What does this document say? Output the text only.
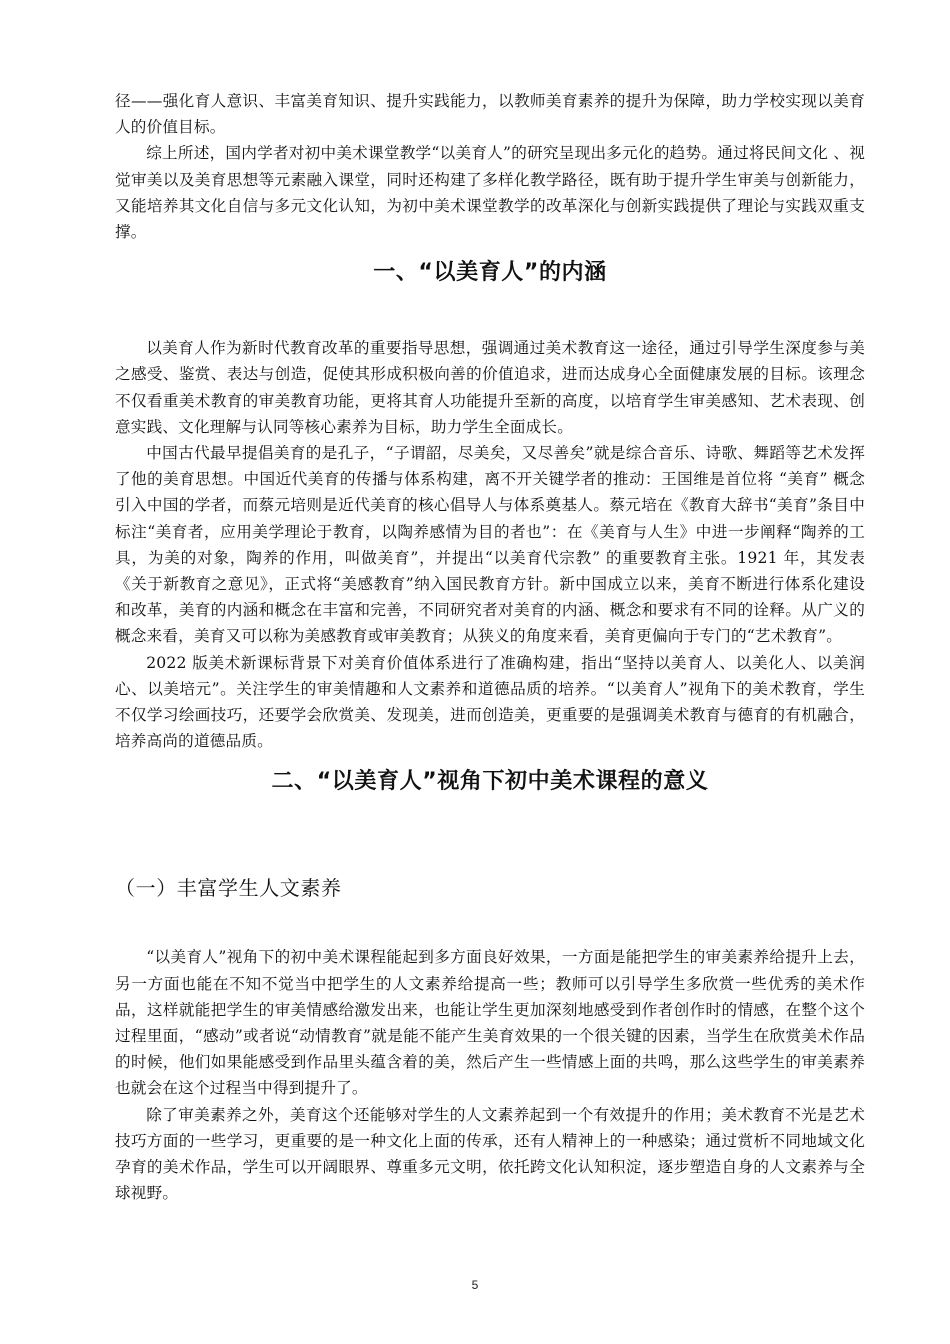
径——强化育人意识、丰富美育知识、提升实践能力，以教师美育素养的提升为保障，助力学校实现以美育人的价值目标。

综上所述，国内学者对初中美术课堂教学“以美育人”的研究呈现出多元化的趋势。通过将民间文化 、视觉审美以及美育思想等元素融入课堂，同时还构建了多样化教学路径，既有助于提升学生审美与创新能力，又能培养其文化自信与多元文化认知，为初中美术课堂教学的改革深化与创新实践提供了理论与实践双重支撑。

一、“以美育人”的内涵

以美育人作为新时代教育改革的重要指导思想，强调通过美术教育这一途径，通过引导学生深度参与美之感受、鉴赏、表达与创造，促使其形成积极向善的价值追求，进而达成身心全面健康发展的目标。该理念不仅看重美术教育的审美教育功能，更将其育人功能提升至新的高度，以培育学生审美感知、艺术表现、创意实践、文化理解与认同等核心素养为目标，助力学生全面成长。

中国古代最早提倡美育的是孔子，“子谓韶，尽美矣，又尽善矣”就是综合音乐、诗歌、舞蹈等艺术发挥了他的美育思想。中国近代美育的传播与体系构建，离不开关键学者的推动：王国维是首位将 “美育” 概念引入中国的学者，而蔡元培则是近代美育的核心倡导人与体系奠基人。蔡元培在《教育大辞书“美育”条目中标注“美育者，应用美学理论于教育，以陶养感情为目的者也”：在《美育与人生》中进一步阐释“陶养的工具，为美的对象，陶养的作用，叫做美育”，并提出“以美育代宗教” 的重要教育主张。1921 年，其发表《关于新教育之意见》，正式将“美感教育”纳入国民教育方针。新中国成立以来，美育不断进行体系化建设和改革，美育的内涵和概念在丰富和完善，不同研究者对美育的内涵、概念和要求有不同的诠释。从广义的概念来看，美育又可以称为美感教育或审美教育；从狭义的角度来看，美育更偏向于专门的“艺术教育”。

2022 版美术新课标背景下对美育价值体系进行了准确构建，指出“坚持以美育人、以美化人、以美润心、以美培元”。关注学生的审美情趣和人文素养和道德品质的培养。“以美育人”视角下的美术教育，学生不仅学习绘画技巧，还要学会欣赏美、发现美，进而创造美，更重要的是强调美术教育与德育的有机融合，培养高尚的道德品质。

二、“以美育人”视角下初中美术课程的意义
（一）丰富学生人文素养

“以美育人”视角下的初中美术课程能起到多方面良好效果，一方面是能把学生的审美素养给提升上去，另一方面也能在不知不觉当中把学生的人文素养给提高一些；教师可以引导学生多欣赏一些优秀的美术作品，这样就能把学生的审美情感给激发出来，也能让学生更加深刻地感受到作者创作时的情感，在整个这个过程里面，“感动”或者说“动情教育”就是能不能产生美育效果的一个很关键的因素，当学生在欣赏美术作品的时候，他们如果能感受到作品里头蕴含着的美，然后产生一些情感上面的共鸣，那么这些学生的审美素养也就会在这个过程当中得到提升了。

除了审美素养之外，美育这个还能够对学生的人文素养起到一个有效提升的作用；美术教育不光是艺术技巧方面的一些学习，更重要的是一种文化上面的传承，还有人精神上的一种感染；通过赏析不同地域文化孕育的美术作品，学生可以开阔眼界、尊重多元文明，依托跨文化认知积淀，逐步塑造自身的人文素养与全球视野。

5
